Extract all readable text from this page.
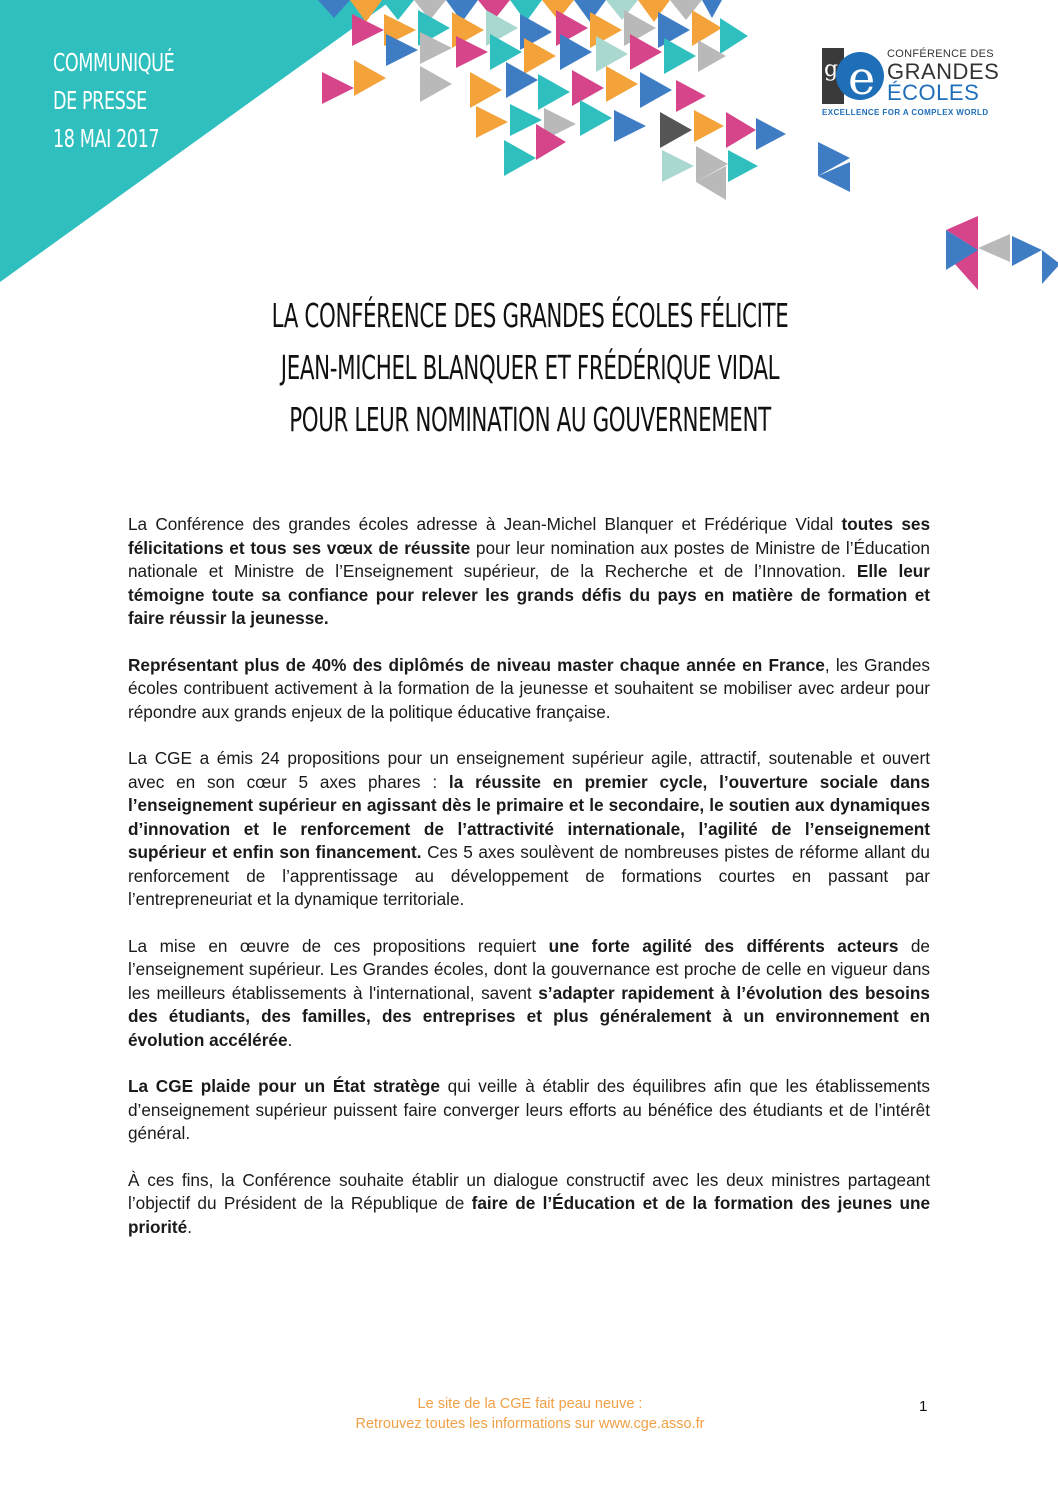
COMMUNIQUÉ
DE PRESSE
18 MAI 2017
e
g
CONFÉRENCE DES
GRANDES
ÉCOLES
EXCELLENCE FOR A COMPLEX WORLD
LA CONFÉRENCE DES GRANDES ÉCOLES FÉLICITE
JEAN-MICHEL BLANQUER ET FRÉDÉRIQUE VIDAL
POUR LEUR NOMINATION AU GOUVERNEMENT

La Conférence des grandes écoles adresse à Jean-Michel Blanquer et Frédérique Vidal toutes ses félicitations et tous ses vœux de réussite pour leur nomination aux postes de Ministre de l’Éducation nationale et Ministre de l’Enseignement supérieur, de la Recherche et de l’Innovation. Elle leur témoigne toute sa confiance pour relever les grands défis du pays en matière de formation et faire réussir la jeunesse.

Représentant plus de 40% des diplômés de niveau master chaque année en France, les Grandes écoles contribuent activement à la formation de la jeunesse et souhaitent se mobiliser avec ardeur pour répondre aux grands enjeux de la politique éducative française.

La CGE a émis 24 propositions pour un enseignement supérieur agile, attractif, soutenable et ouvert avec en son cœur 5 axes phares : la réussite en premier cycle, l’ouverture sociale dans l’enseignement supérieur en agissant dès le primaire et le secondaire, le soutien aux dynamiques d’innovation et le renforcement de l’attractivité internationale, l’agilité de l’enseignement supérieur et enfin son financement. Ces 5 axes soulèvent de nombreuses pistes de réforme allant du renforcement de l’apprentissage au développement de formations courtes en passant par l’entrepreneuriat et la dynamique territoriale.

La mise en œuvre de ces propositions requiert une forte agilité des différents acteurs de l’enseignement supérieur. Les Grandes écoles, dont la gouvernance est proche de celle en vigueur dans les meilleurs établissements à l'international, savent s’adapter rapidement à l’évolution des besoins des étudiants, des familles, des entreprises et plus généralement à un environnement en évolution accélérée.

La CGE plaide pour un État stratège qui veille à établir des équilibres afin que les établissements d’enseignement supérieur puissent faire converger leurs efforts au bénéfice des étudiants et de l’intérêt général.

À ces fins, la Conférence souhaite établir un dialogue constructif avec les deux ministres partageant l’objectif du Président de la République de faire de l’Éducation et de la formation des jeunes une priorité.

Le site de la CGE fait peau neuve :
Retrouvez toutes les informations sur www.cge.asso.fr
1
